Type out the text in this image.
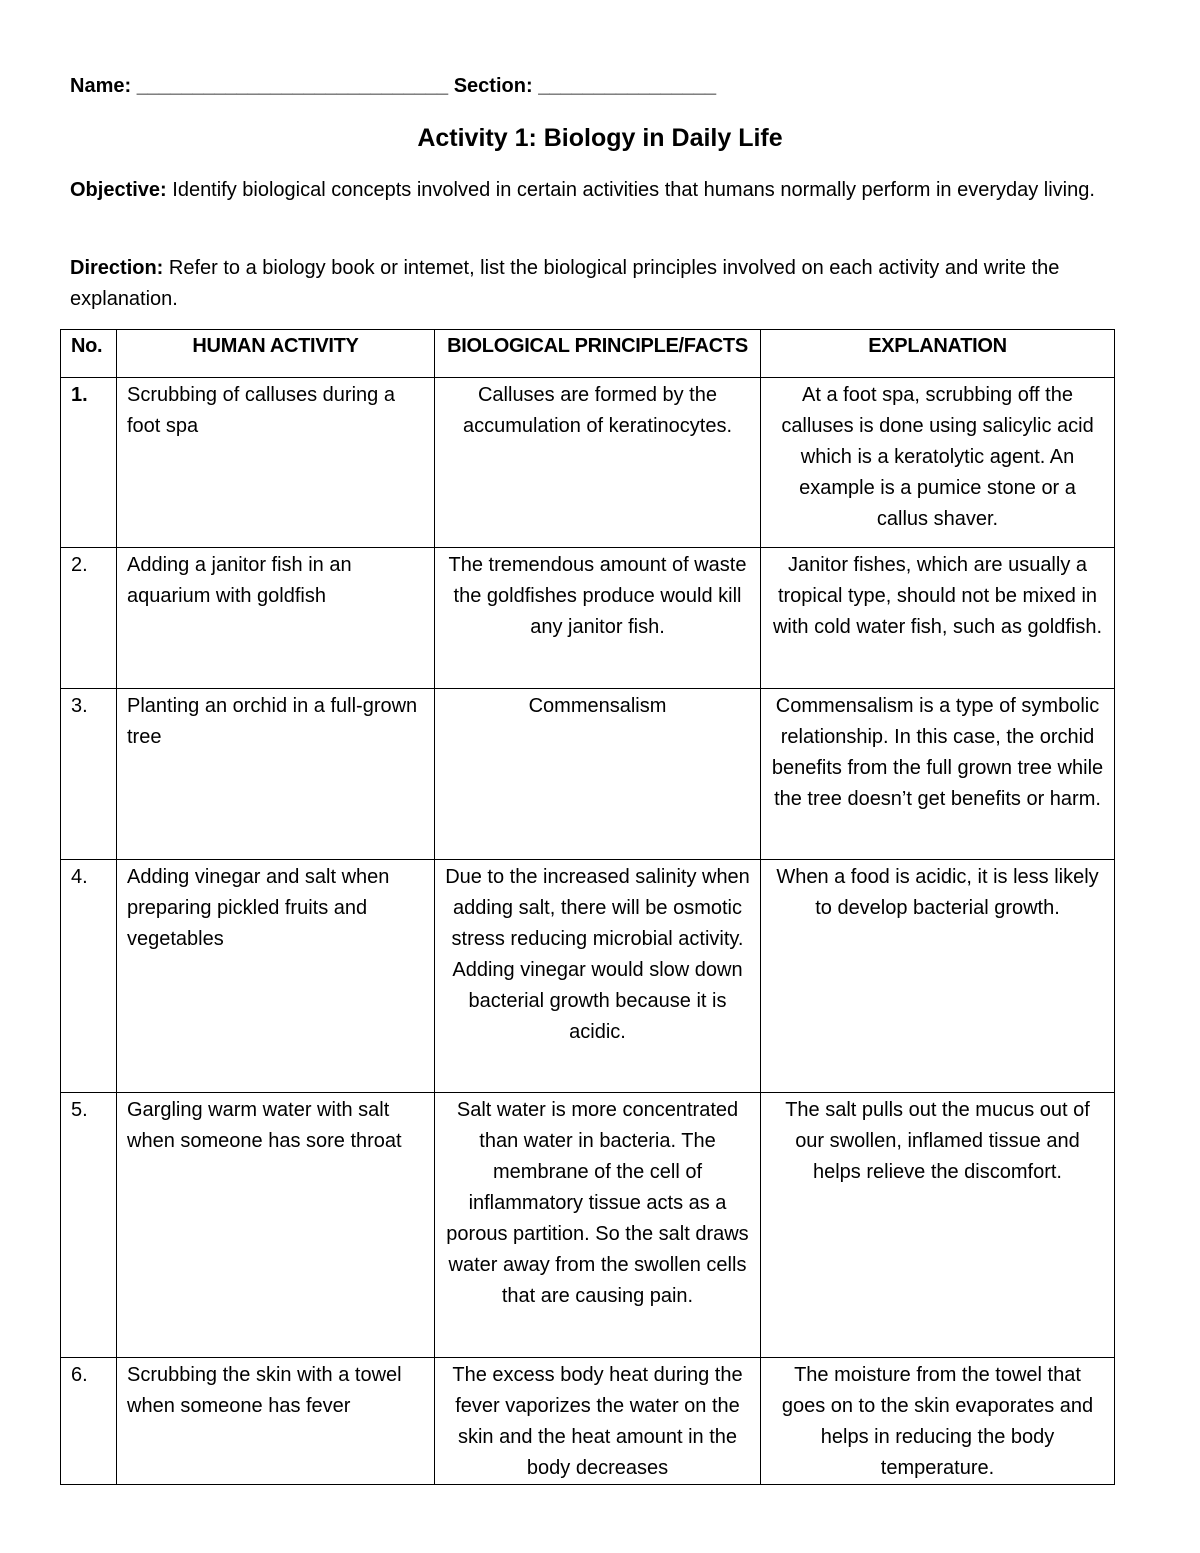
Name: ____________________________ Section: ________________
Activity 1: Biology in Daily Life
Objective: Identify biological concepts involved in certain activities that humans normally perform in everyday living.
Direction: Refer to a biology book or intemet, list the biological principles involved on each activity and write the explanation.
No.	HUMAN ACTIVITY	BIOLOGICAL PRINCIPLE/FACTS	EXPLANATION
1.	Scrubbing of calluses during a foot spa	Calluses are formed by the accumulation of keratinocytes.	At a foot spa, scrubbing off the calluses is done using salicylic acid which is a keratolytic agent. An example is a pumice stone or a callus shaver.
2.	Adding a janitor fish in an aquarium with goldfish	The tremendous amount of waste the goldfishes produce would kill any janitor fish.	Janitor fishes, which are usually a tropical type, should not be mixed in with cold water fish, such as goldfish.
3.	Planting an orchid in a full-grown tree	Commensalism	Commensalism is a type of symbolic relationship. In this case, the orchid benefits from the full grown tree while the tree doesn’t get benefits or harm.
4.	Adding vinegar and salt when preparing pickled fruits and vegetables	Due to the increased salinity when adding salt, there will be osmotic stress reducing microbial activity. Adding vinegar would slow down bacterial growth because it is acidic.	When a food is acidic, it is less likely to develop bacterial growth.
5.	Gargling warm water with salt when someone has sore throat	Salt water is more concentrated than water in bacteria. The membrane of the cell of inflammatory tissue acts as a porous partition. So the salt draws water away from the swollen cells that are causing pain.	The salt pulls out the mucus out of our swollen, inflamed tissue and helps relieve the discomfort.
6.	Scrubbing the skin with a towel when someone has fever	The excess body heat during the fever vaporizes the water on the skin and the heat amount in the body decreases	The moisture from the towel that goes on to the skin evaporates and helps in reducing the body temperature.
